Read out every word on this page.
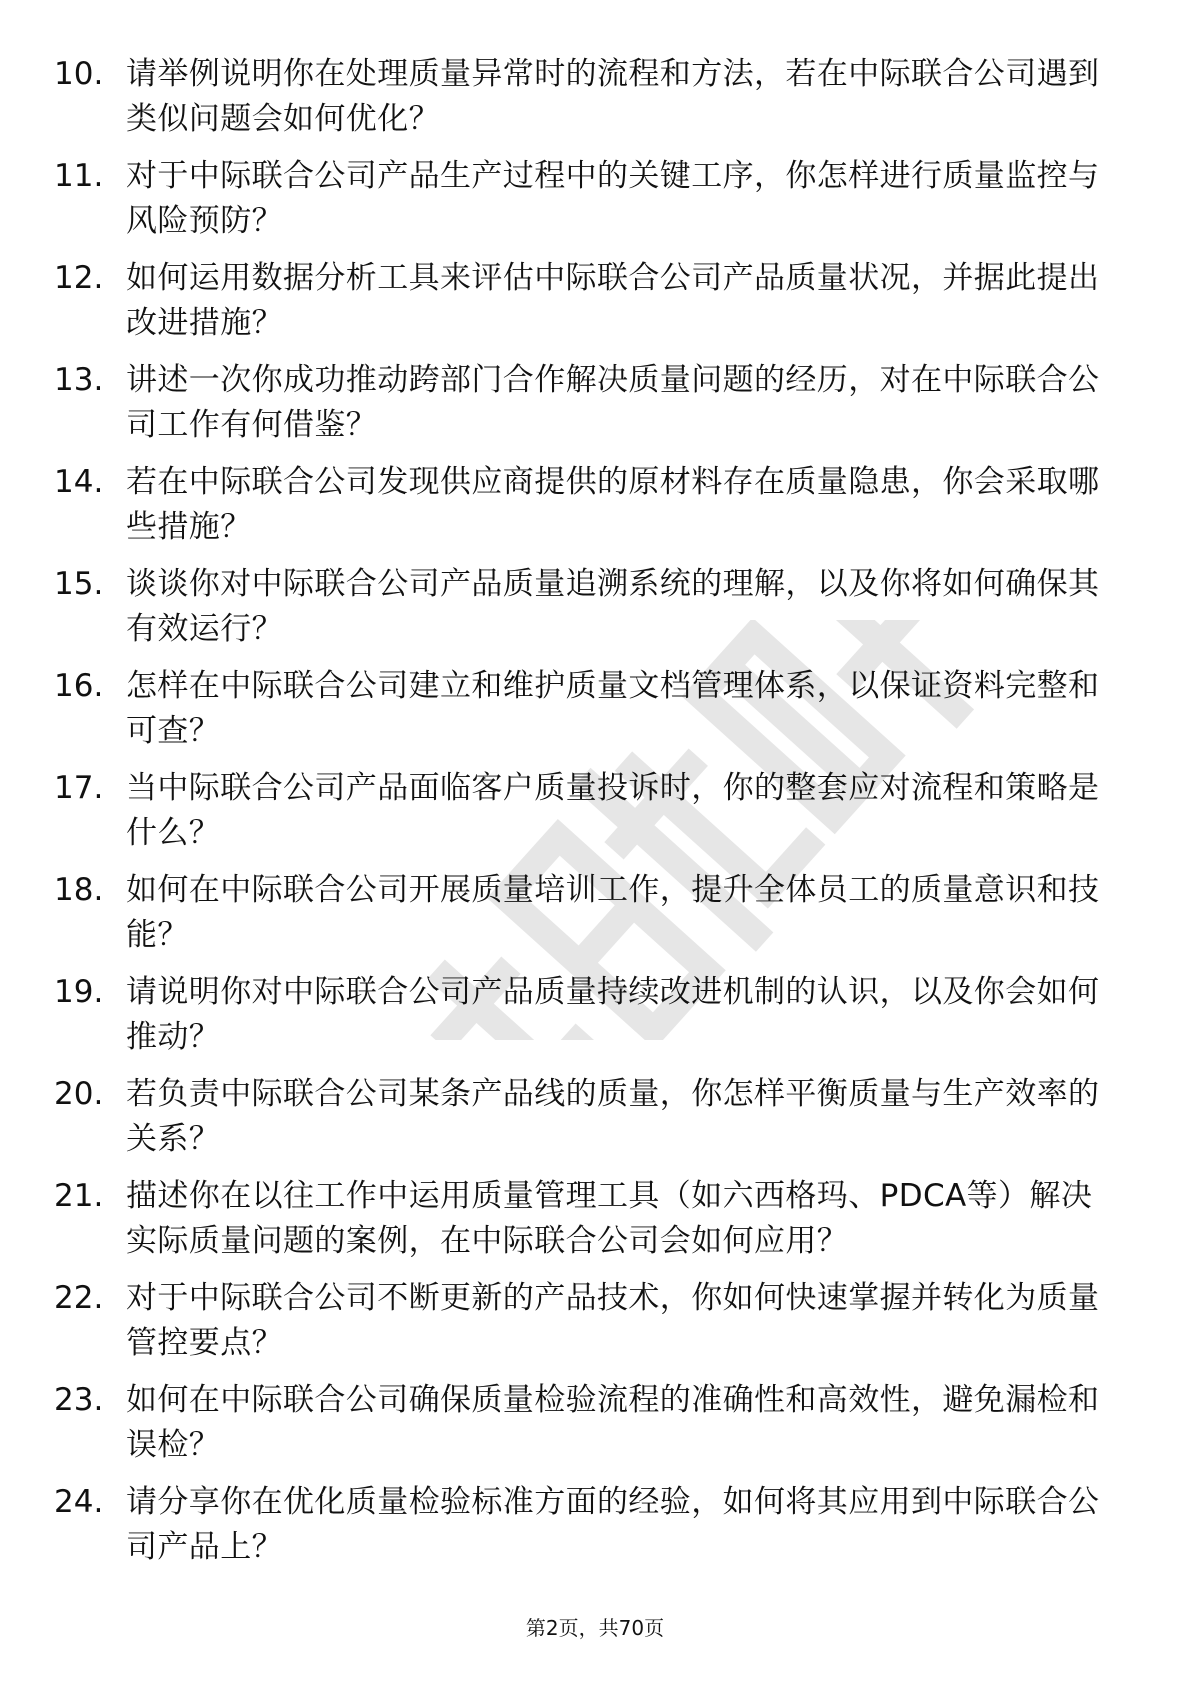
10. 请举例说明你在处理质量异常时的流程和方法，若在中际联合公司遇到类似问题会如何优化？
11. 对于中际联合公司产品生产过程中的关键工序，你怎样进行质量监控与风险预防？
12. 如何运用数据分析工具来评估中际联合公司产品质量状况，并据此提出改进措施？
13. 讲述一次你成功推动跨部门合作解决质量问题的经历，对在中际联合公司工作有何借鉴？
14. 若在中际联合公司发现供应商提供的原材料存在质量隐患，你会采取哪些措施？
15. 谈谈你对中际联合公司产品质量追溯系统的理解，以及你将如何确保其有效运行？
16. 怎样在中际联合公司建立和维护质量文档管理体系，以保证资料完整和可查？
17. 当中际联合公司产品面临客户质量投诉时，你的整套应对流程和策略是什么？
18. 如何在中际联合公司开展质量培训工作，提升全体员工的质量意识和技能？
19. 请说明你对中际联合公司产品质量持续改进机制的认识，以及你会如何推动？
20. 若负责中际联合公司某条产品线的质量，你怎样平衡质量与生产效率的关系？
21. 描述你在以往工作中运用质量管理工具（如六西格玛、PDCA等）解决实际质量问题的案例，在中际联合公司会如何应用？
22. 对于中际联合公司不断更新的产品技术，你如何快速掌握并转化为质量管控要点？
23. 如何在中际联合公司确保质量检验流程的准确性和高效性，避免漏检和误检？
24. 请分享你在优化质量检验标准方面的经验，如何将其应用到中际联合公司产品上？
第2页，共70页
